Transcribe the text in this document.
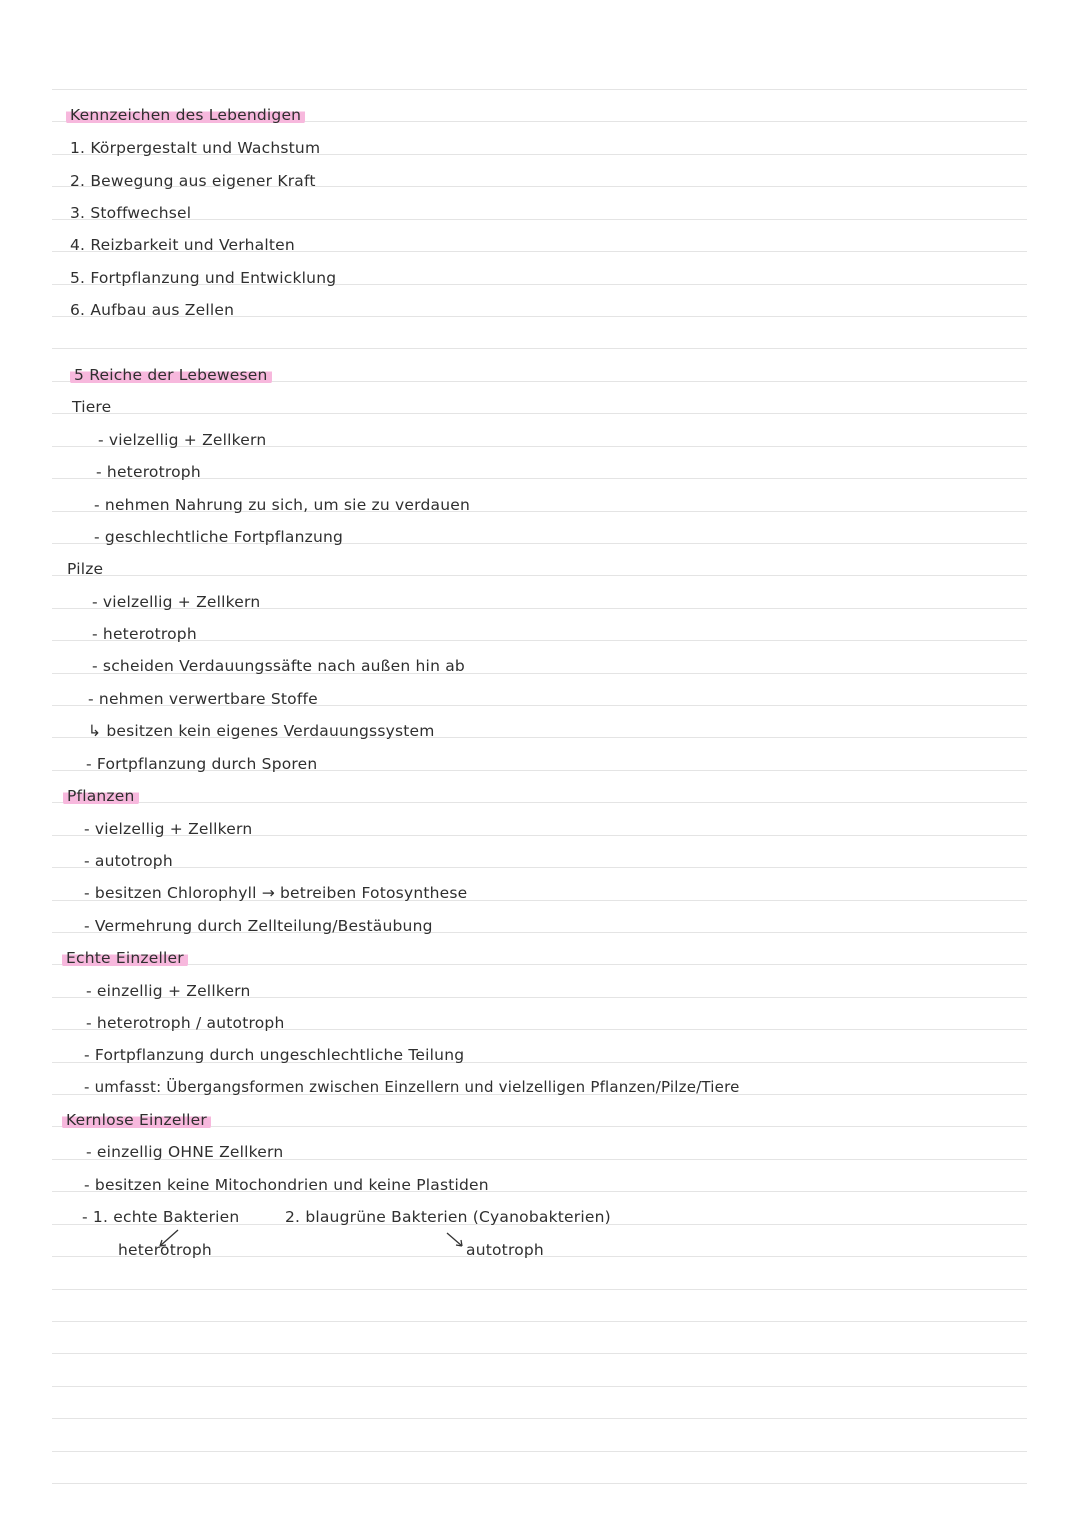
Kennzeichen des Lebendigen
1. Körpergestalt und Wachstum
2. Bewegung aus eigener Kraft
3. Stoffwechsel
4. Reizbarkeit und Verhalten
5. Fortpflanzung und Entwicklung
6. Aufbau aus Zellen
5 Reiche der Lebewesen
Tiere
- vielzellig + Zellkern
- heterotroph
- nehmen Nahrung zu sich, um sie zu verdauen
- geschlechtliche Fortpflanzung
Pilze
- vielzellig + Zellkern
- heterotroph
- scheiden Verdauungssäfte nach außen hin ab
- nehmen verwertbare Stoffe
↳ besitzen kein eigenes Verdauungssystem
- Fortpflanzung durch Sporen
Pflanzen
- vielzellig + Zellkern
- autotroph
- besitzen Chlorophyll → betreiben Fotosynthese
- Vermehrung durch Zellteilung/Bestäubung
Echte Einzeller
- einzellig + Zellkern
- heterotroph / autotroph
- Fortpflanzung durch ungeschlechtliche Teilung
- umfasst: Übergangsformen zwischen Einzellern und vielzelligen Pflanzen/Pilze/Tiere
Kernlose Einzeller
- einzellig OHNE Zellkern
- besitzen keine Mitochondrien und keine Plastiden
- 1. echte Bakterien	2. blaugrüne Bakterien (Cyanobakterien)
heterotroph	autotroph
